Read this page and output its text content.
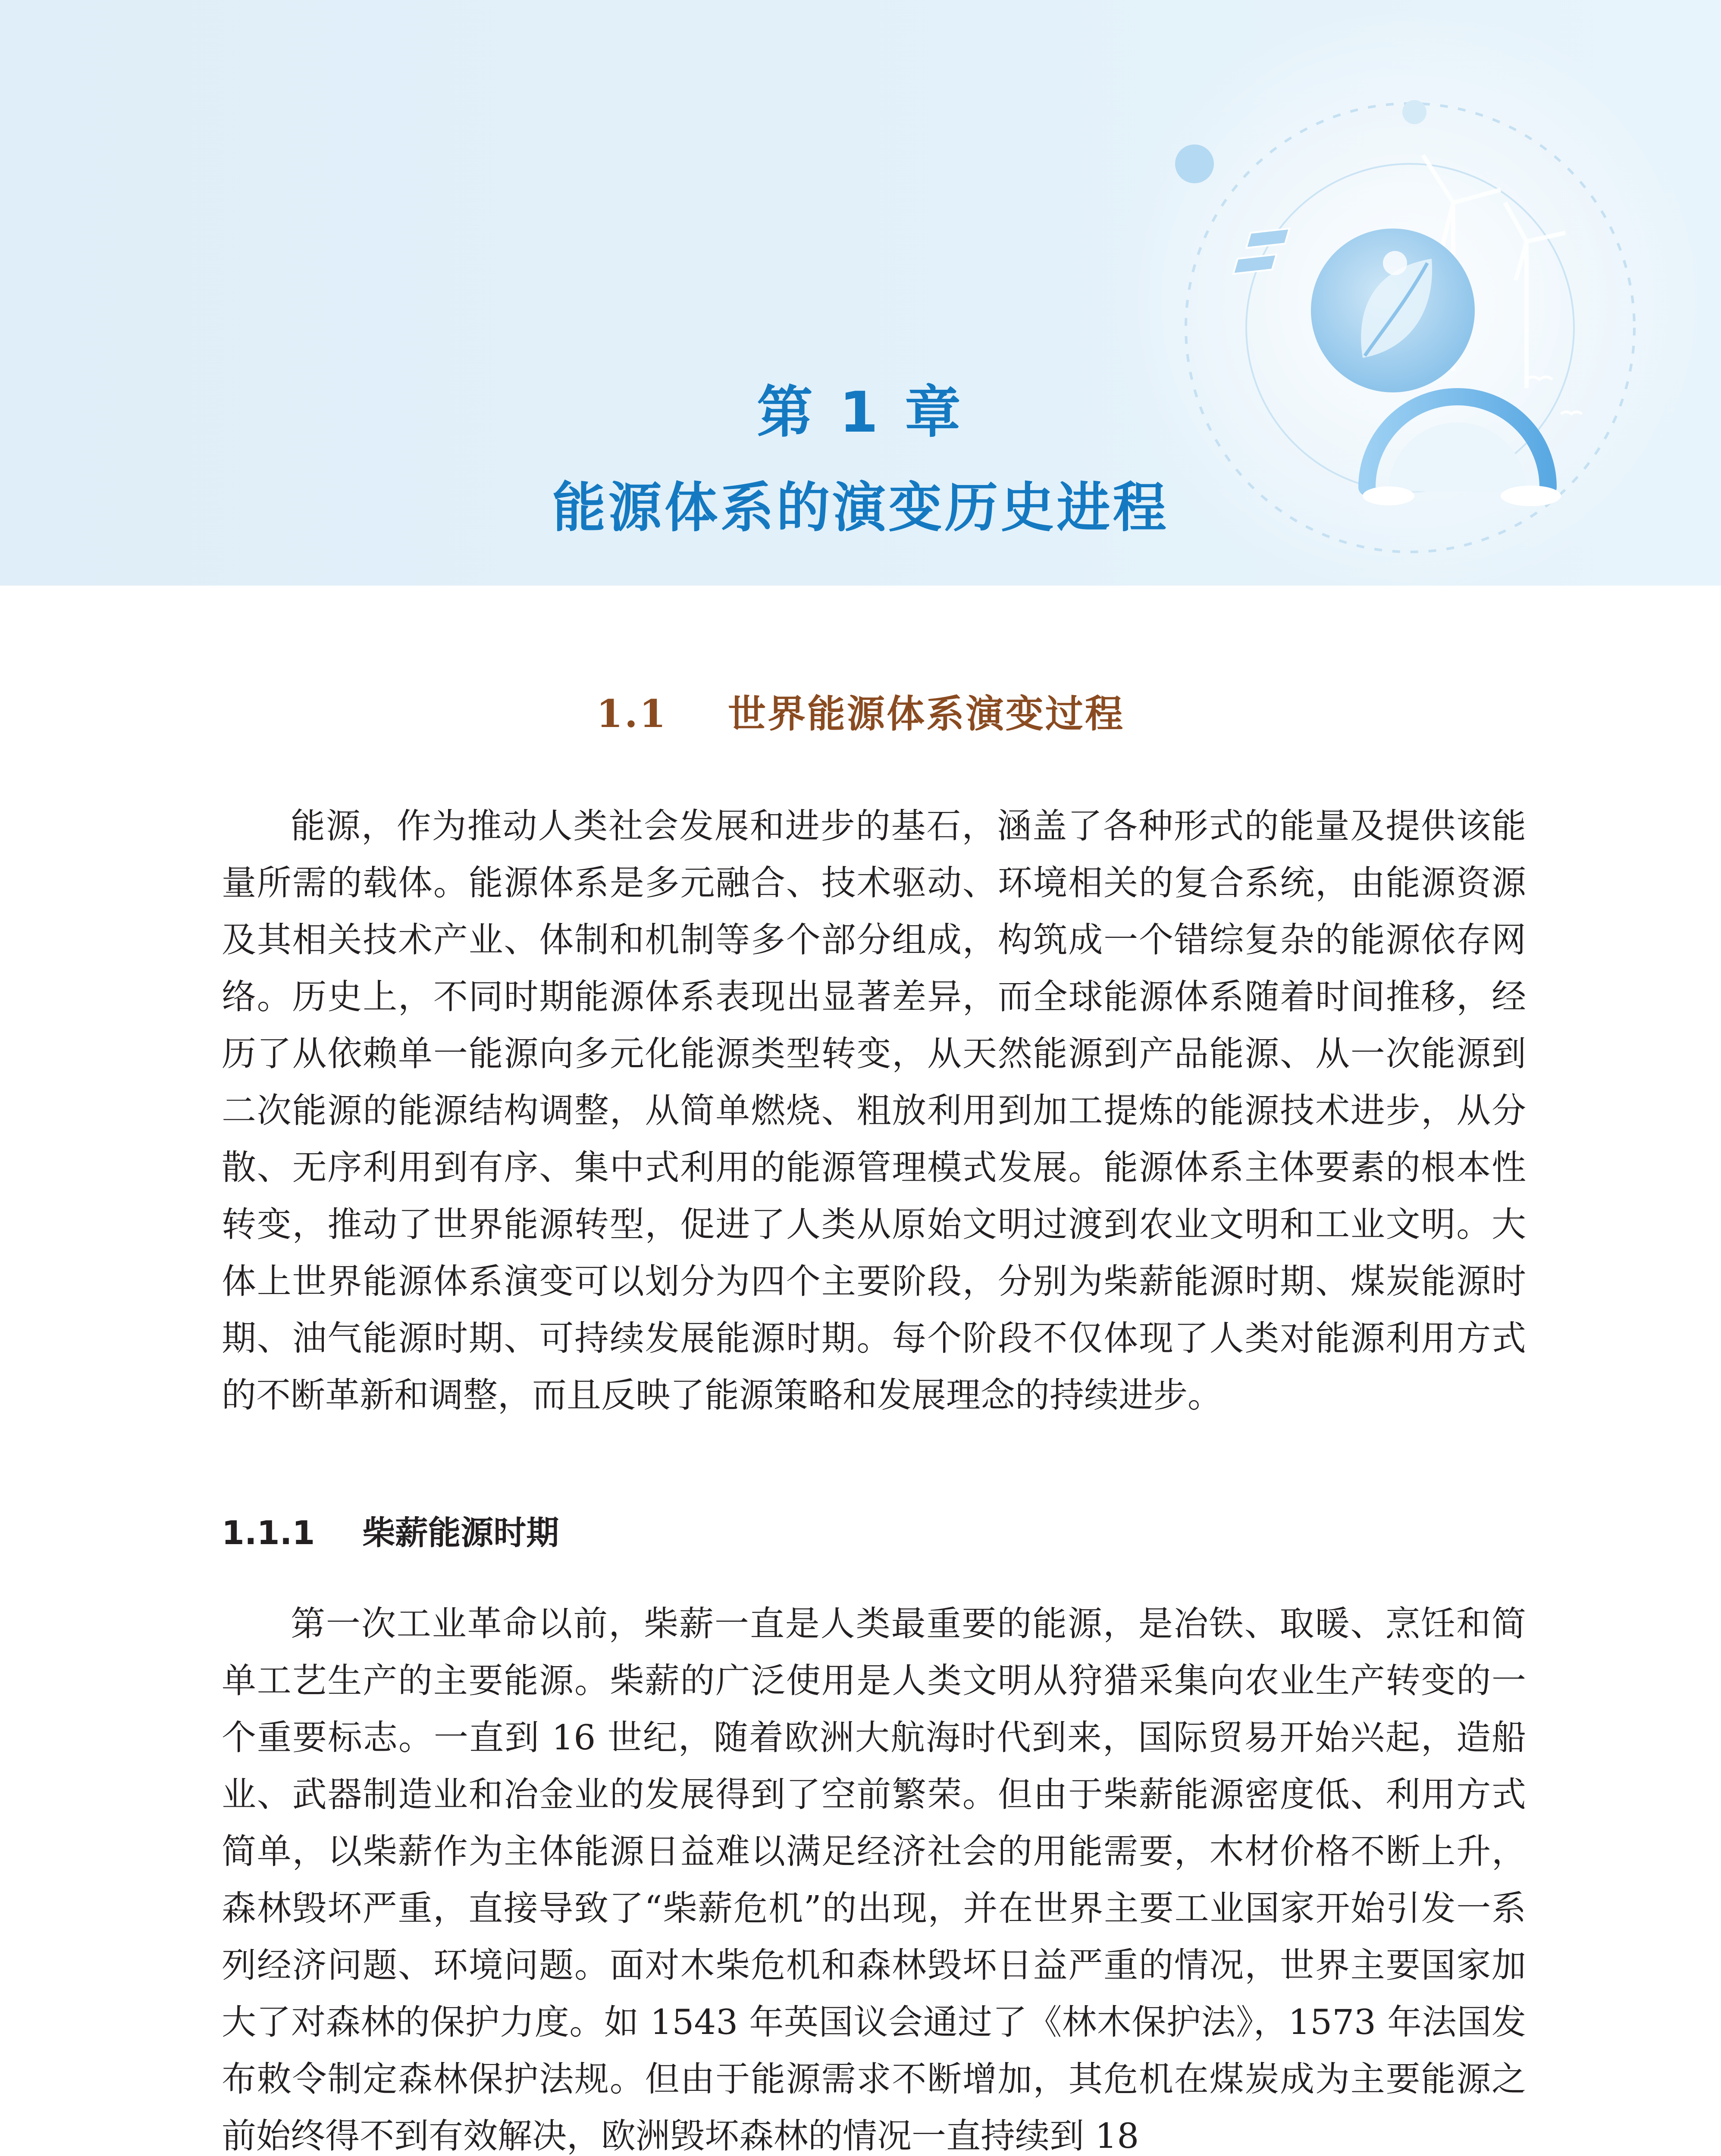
第 1 章
能源体系的演变历史进程
1.1 世界能源体系演变过程

能源，作为推动人类社会发展和进步的基石，涵盖了各种形式的能量及提供该能量所需的载体。能源体系是多元融合、技术驱动、环境相关的复合系统，由能源资源及其相关技术产业、体制和机制等多个部分组成，构筑成一个错综复杂的能源依存网络。历史上，不同时期能源体系表现出显著差异，而全球能源体系随着时间推移，经历了从依赖单一能源向多元化能源类型转变，从天然能源到产品能源、从一次能源到二次能源的能源结构调整，从简单燃烧、粗放利用到加工提炼的能源技术进步，从分散、无序利用到有序、集中式利用的能源管理模式发展。能源体系主体要素的根本性转变，推动了世界能源转型，促进了人类从原始文明过渡到农业文明和工业文明。大体上世界能源体系演变可以划分为四个主要阶段，分别为柴薪能源时期、煤炭能源时期、油气能源时期、可持续发展能源时期。每个阶段不仅体现了人类对能源利用方式的不断革新和调整，而且反映了能源策略和发展理念的持续进步。

1.1.1 柴薪能源时期

第一次工业革命以前，柴薪一直是人类最重要的能源，是冶铁、取暖、烹饪和简单工艺生产的主要能源。柴薪的广泛使用是人类文明从狩猎采集向农业生产转变的一个重要标志。一直到 16 世纪，随着欧洲大航海时代到来，国际贸易开始兴起，造船业、武器制造业和冶金业的发展得到了空前繁荣。但由于柴薪能源密度低、利用方式简单，以柴薪作为主体能源日益难以满足经济社会的用能需要，木材价格不断上升，森林毁坏严重，直接导致了“柴薪危机”的出现，并在世界主要工业国家开始引发一系列经济问题、环境问题。面对木柴危机和森林毁坏日益严重的情况，世界主要国家加大了对森林的保护力度。如 1543 年英国议会通过了《林木保护法》，1573 年法国发布敕令制定森林保护法规。但由于能源需求不断增加，其危机在煤炭成为主要能源之前始终得不到有效解决，欧洲毁坏森林的情况一直持续到 18
